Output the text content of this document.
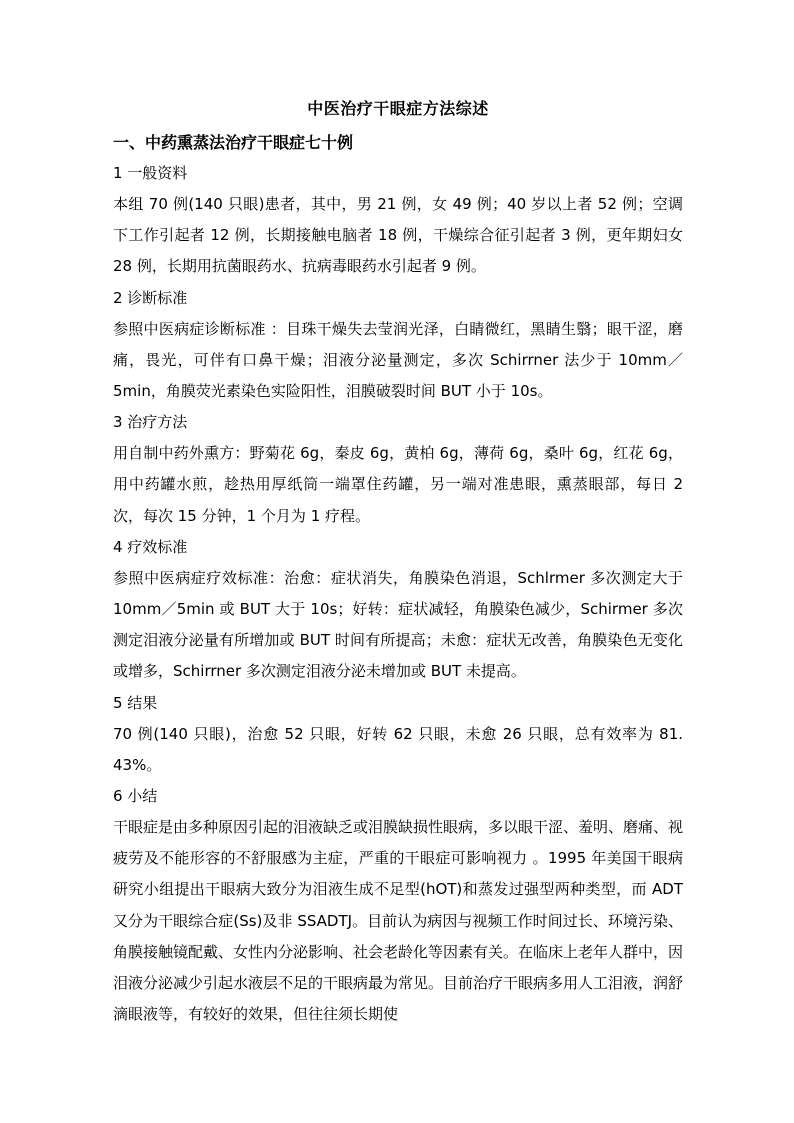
中医治疗干眼症方法综述
一、中药熏蒸法治疗干眼症七十例
1 一般资料

本组 70 例(140 只眼)患者，其中，男 21 例，女 49 例；40 岁以上者 52 例；空调下工作引起者 12 例，长期接触电脑者 18 例，干燥综合征引起者 3 例，更年期妇女 28 例，长期用抗菌眼药水、抗病毒眼药水引起者 9 例。

2 诊断标准

参照中医病症诊断标准 ：目珠干燥失去莹润光泽，白睛微红，黑睛生翳；眼干涩，磨痛，畏光，可伴有口鼻干燥；泪液分泌量测定，多次 Schirrner 法少于 10mm／5min，角膜荧光素染色实险阳性，泪膜破裂时间 BUT 小于 10s。

3 治疗方法

用自制中药外熏方：野菊花 6g，秦皮 6g，黄柏 6g，薄荷 6g，桑叶 6g，红花 6g，用中药罐水煎，趁热用厚纸筒一端罩住药罐，另一端对准患眼，熏蒸眼部，每日 2 次，每次 15 分钟，1 个月为 1 疗程。

4 疗效标准

参照中医病症疗效标准：治愈：症状消失，角膜染色消退，Schlrmer 多次测定大于 10mm／5min 或 BUT 大于 10s；好转：症状减轻，角膜染色减少，Schirmer 多次测定泪液分泌量有所增加或 BUT 时间有所提高；未愈：症状无改善，角膜染色无变化或增多，Schirrner 多次测定泪液分泌未增加或 BUT 未提高。

5 结果

70 例(140 只眼)，治愈 52 只眼，好转 62 只眼，未愈 26 只眼，总有效率为 81. 43%。

6 小结

干眼症是由多种原因引起的泪液缺乏或泪膜缺损性眼病，多以眼干涩、羞明、磨痛、视疲劳及不能形容的不舒服感为主症，严重的干眼症可影响视力 。1995 年美国干眼病研究小组提出干眼病大致分为泪液生成不足型(hOT)和蒸发过强型两种类型，而 ADT 又分为干眼综合症(Ss)及非 SSADTJ。目前认为病因与视频工作时间过长、环境污染、角膜接触镜配戴、女性内分泌影响、社会老龄化等因素有关。在临床上老年人群中，因泪液分泌减少引起水液层不足的干眼病最为常见。目前治疗干眼病多用人工泪液，润舒滴眼液等，有较好的效果，但往往须长期使
